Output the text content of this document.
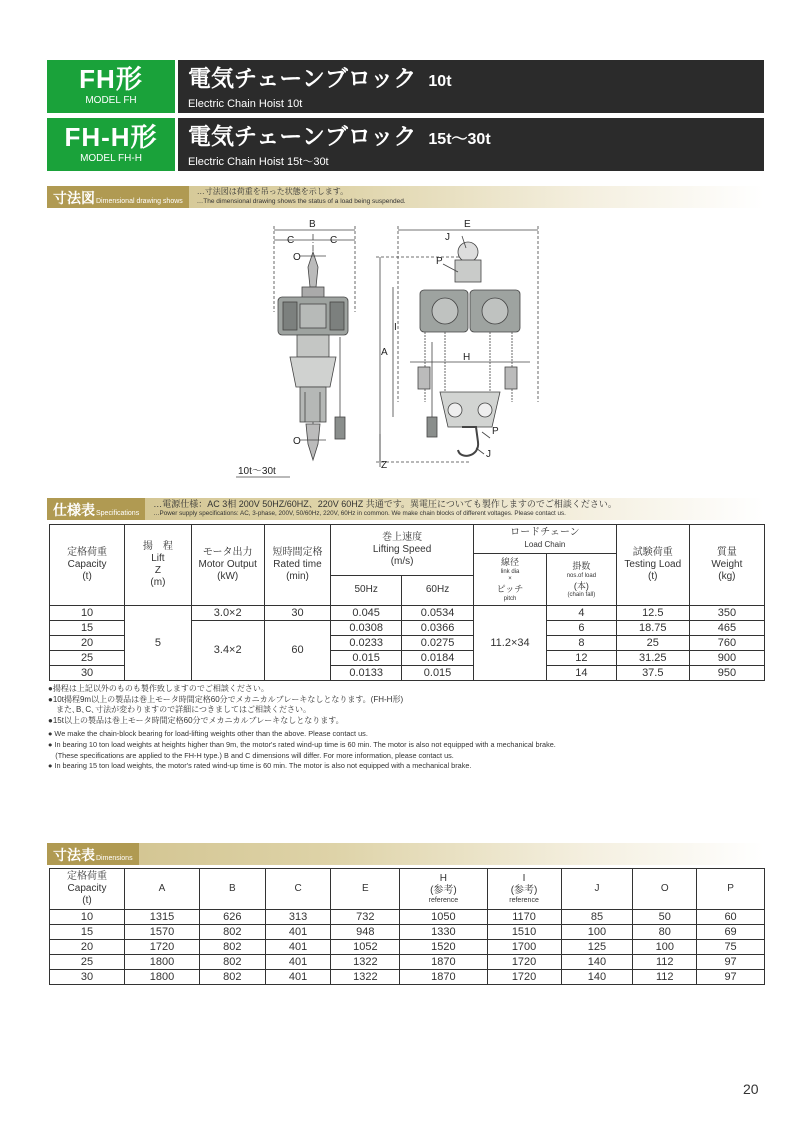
FH形
MODEL FH
電気チェーンブロック 10t
Electric Chain Hoist 10t
FH-H形
MODEL FH-H
電気チェーンブロック 15t～30t
Electric Chain Hoist 15t～30t
寸法図 Dimensional drawing shows
…寸法図は荷重を吊った状態を示します。
…The dimensional drawing shows the status of a load being suspended.
B
C	C
O
O
E
J
P
I
A	H
P
J
Z
10t～30t
仕様表 Specifications
…電源仕様：AC 3相 200V 50HZ/60HZ、220V 60HZ 共通です。異電圧についても製作しますのでご相談ください。
…Power supply specifications: AC, 3-phase, 200V, 50/60Hz, 220V, 60Hz in common. We make chain blocks of different voltages. Please contact us.
定格荷重
Capacity
(t)	揚　程
Lift
Z
(m)	モータ出力
Motor Output
(kW)	短時間定格
Rated time
(min)	巻上速度
Lifting Speed
(m/s)		ロードチェーン
Load Chain		試験荷重
Testing Load
(t)	質量
Weight
(kg)
						線径
link dia
×
ピッチ
pitch	掛数
nos.of load
(本)
(chain fall)		

				50Hz	60Hz				
10	5	3.0×2	30	0.045	0.0534	11.2×34	4	12.5	350
15		3.4×2	60	0.0308	0.0366		6	18.75	465
20				0.0233	0.0275		8	25	760
25				0.015	0.0184		12	31.25	900
30				0.0133	0.015		14	37.5	950
●揚程は上記以外のものも製作致しますのでご相談ください。
●10t揚程9m以上の製品は巻上モータ時間定格60分でメカニカルブレーキなしとなります。(FH-H形)
　また､B､C､寸法が変わりますので詳細につきましてはご相談ください。
●15t以上の製品は巻上モータ時間定格60分でメカニカルブレーキなしとなります。
● We make the chain-block bearing for load-lifting weights other than the above. Please contact us.
● In bearing 10 ton load weights at heights higher than 9m, the motor's rated wind-up time is 60 min. The motor is also not equipped with a mechanical brake.
　(These specifications are applied to the FH-H type.) B and C dimensions will differ. For more information, please contact us.
● In bearing 15 ton load weights, the motor's rated wind-up time is 60 min. The motor is also not equipped with a mechanical brake.
寸法表 Dimensions
定格荷重
Capacity
(t)	A	B	C	E	H
(参考)
reference	I
(参考)
reference	J	O	P
10	1315	626	313	732	1050	1170	85	50	60
15	1570	802	401	948	1330	1510	100	80	69
20	1720	802	401	1052	1520	1700	125	100	75
25	1800	802	401	1322	1870	1720	140	112	97
30	1800	802	401	1322	1870	1720	140	112	97
20
